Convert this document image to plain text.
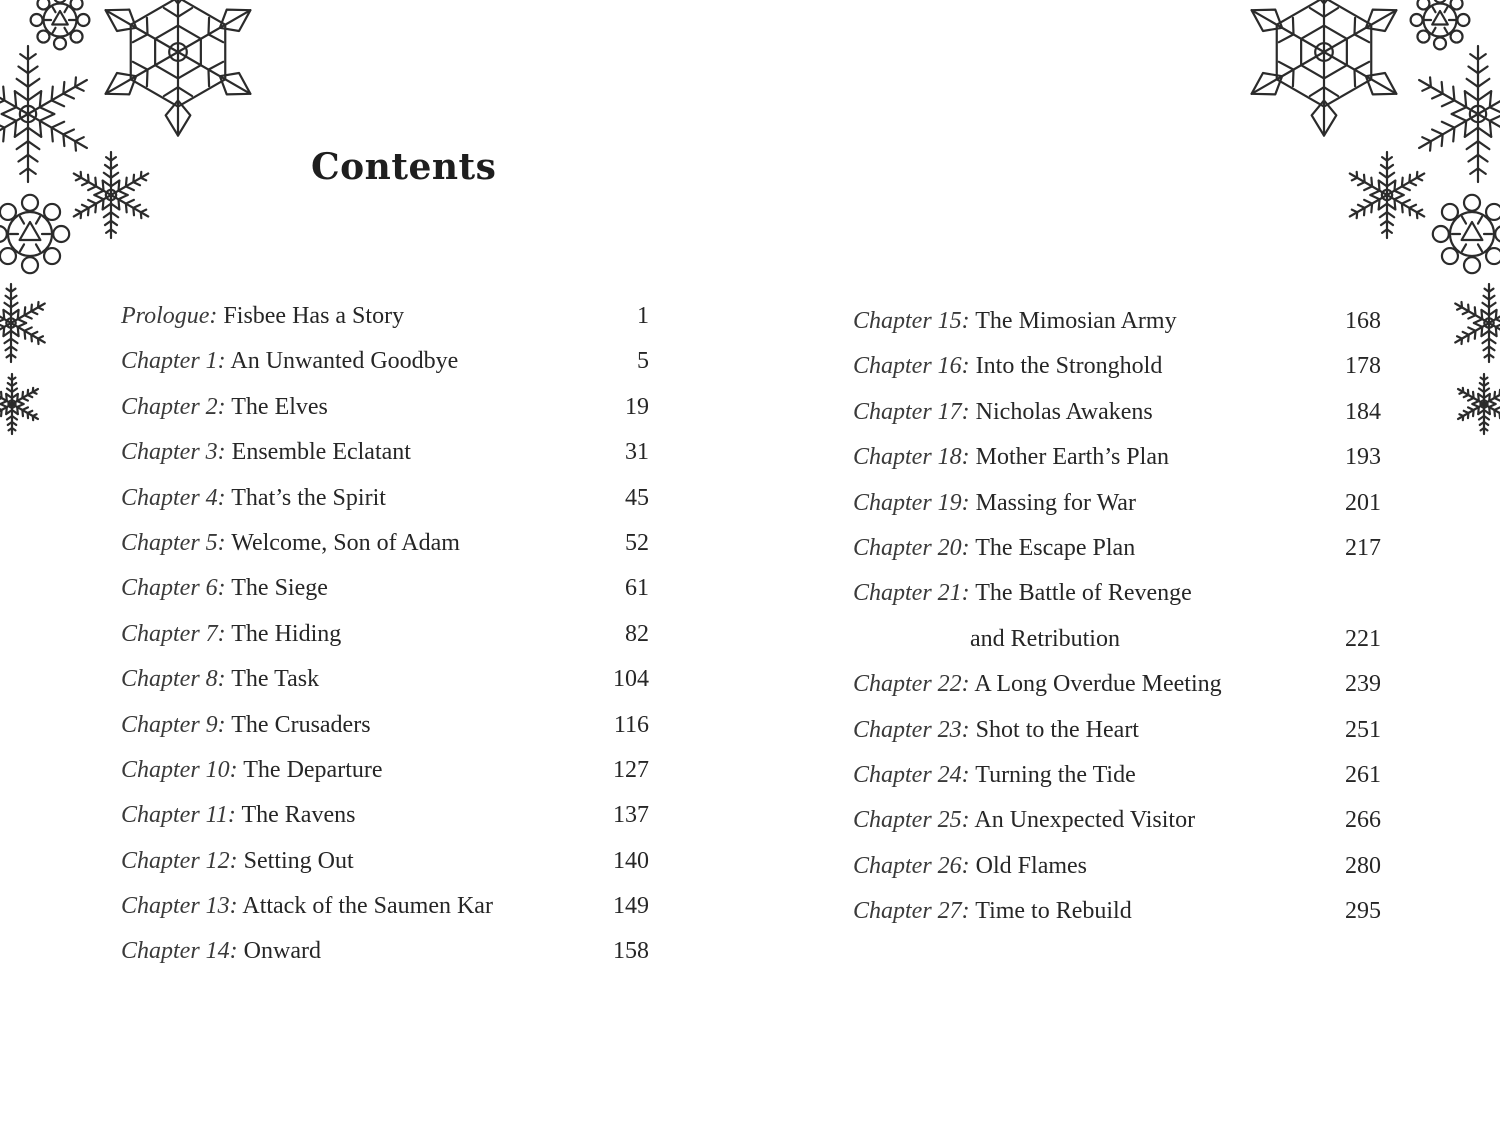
Contents
Prologue: Fisbee Has a Story	1
Chapter 1: An Unwanted Goodbye	5
Chapter 2: The Elves	19
Chapter 3: Ensemble Eclatant	31
Chapter 4: That’s the Spirit	45
Chapter 5: Welcome, Son of Adam	52
Chapter 6: The Siege	61
Chapter 7: The Hiding	82
Chapter 8: The Task	104
Chapter 9: The Crusaders	116
Chapter 10: The Departure	127
Chapter 11: The Ravens	137
Chapter 12: Setting Out	140
Chapter 13: Attack of the Saumen Kar	149
Chapter 14: Onward	158
Chapter 15: The Mimosian Army	168
Chapter 16: Into the Stronghold	178
Chapter 17: Nicholas Awakens	184
Chapter 18: Mother Earth’s Plan	193
Chapter 19: Massing for War	201
Chapter 20: The Escape Plan	217
Chapter 21: The Battle of Revenge
and Retribution	221
Chapter 22: A Long Overdue Meeting	239
Chapter 23: Shot to the Heart	251
Chapter 24: Turning the Tide	261
Chapter 25: An Unexpected Visitor	266
Chapter 26: Old Flames	280
Chapter 27: Time to Rebuild	295
